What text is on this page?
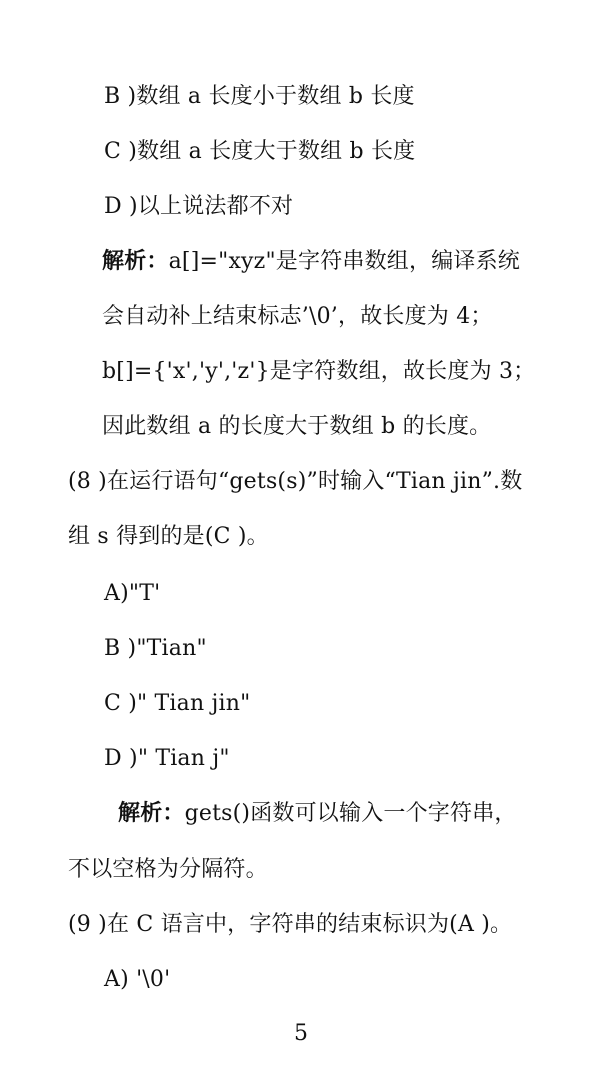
B )数组 a 长度小于数组 b 长度
C )数组 a 长度大于数组 b 长度
D )以上说法都不对
解析：a[]="xyz"是字符串数组，编译系统
会自动补上结束标志’\0’，故长度为 4；
b[]={'x','y','z'}是字符数组，故长度为 3；
因此数组 a 的长度大于数组 b 的长度。
(8 )在运行语句“gets(s)”时输入“Tian jin”.数
组 s 得到的是(C )。
A)"T'
B )"Tian"
C )" Tian jin"
D )" Tian j"
解析：gets()函数可以输入一个字符串，
不以空格为分隔符。
(9 )在 C 语言中，字符串的结束标识为(A )。
A) '\0'
5
